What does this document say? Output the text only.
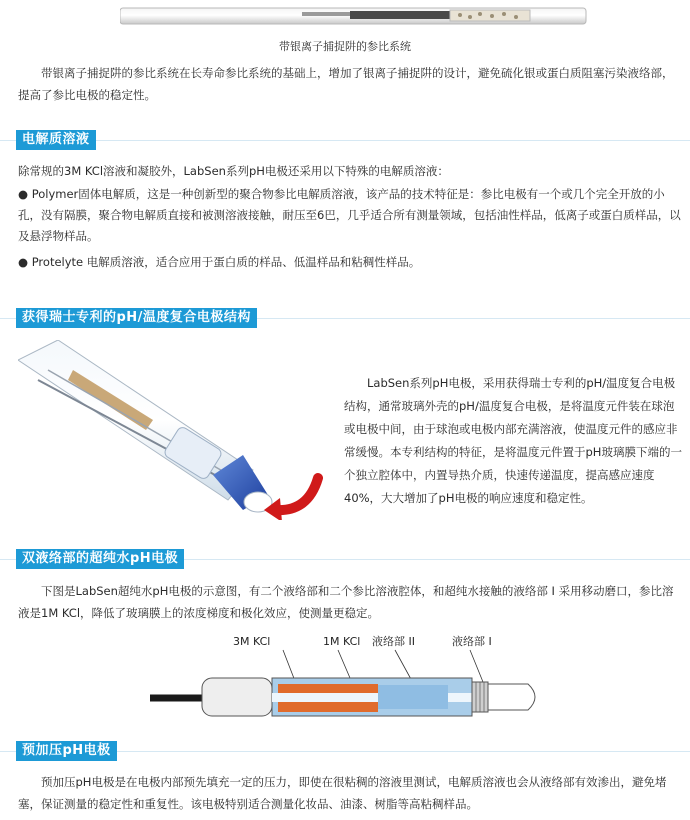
带银离子捕捉阱的参比系统
带银离子捕捉阱的参比系统在长寿命参比系统的基础上，增加了银离子捕捉阱的设计，避免硫化银或蛋白质阻塞污染液络部，提高了参比电极的稳定性。
电解质溶液
除常规的3M KCl溶液和凝胶外，LabSen系列pH电极还采用以下特殊的电解质溶液：
● Polymer固体电解质，这是一种创新型的聚合物参比电解质溶液，该产品的技术特征是：参比电极有一个或几个完全开放的小孔，没有隔膜，聚合物电解质直接和被测溶液接触，耐压至6巴，几乎适合所有测量领域，包括油性样品，低离子或蛋白质样品，以及悬浮物样品。
● Protelyte 电解质溶液，适合应用于蛋白质的样品、低温样品和粘稠性样品。
获得瑞士专利的pH/温度复合电极结构
LabSen系列pH电极，采用获得瑞士专利的pH/温度复合电极结构，通常玻璃外壳的pH/温度复合电极，是将温度元件装在球泡或电极中间，由于球泡或电极内部充满溶液，使温度元件的感应非常缓慢。本专利结构的特征，是将温度元件置于pH玻璃膜下端的一个独立腔体中，内置导热介质，快速传递温度，提高感应速度40%，大大增加了pH电极的响应速度和稳定性。
双液络部的超纯水pH电极
下图是LabSen超纯水pH电极的示意图，有二个液络部和二个参比溶液腔体，和超纯水接触的液络部 I 采用移动磨口，参比溶液是1M KCl，降低了玻璃膜上的浓度梯度和极化效应，使测量更稳定。
3M KCl	1M KCl 液络部 II	液络部 I
预加压pH电极
预加压pH电极是在电极内部预先填充一定的压力，即使在很粘稠的溶液里测试，电解质溶液也会从液络部有效渗出，避免堵塞，保证测量的稳定性和重复性。该电极特别适合测量化妆品、油漆、树脂等高粘稠样品。
